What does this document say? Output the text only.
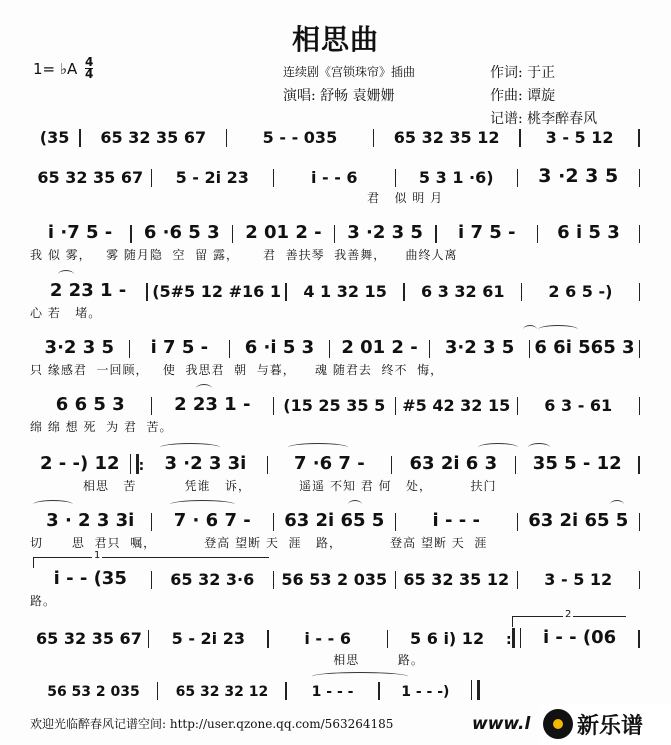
相思曲
1= ♭A 4
4	连续剧《宫锁珠帘》插曲
演唱: 舒畅 袁姗姗
作词: 于正
作曲: 谭旋
记谱: 桃李醉春风
(35	65 32 35 67	5 - - 035	65 32 35 12	3 - 5 12
65 32 35 67	5 - 2i 23	i - - 6	5 3 1 ·6)	3 ·2 3 5
君   似 明 月
i ·7 5 -	6 ·6 5 3	2 01 2 -	3 ·2 3 5	i 7 5 -	6 i 5 3
我 似 雾，   雾 随月隐  空  留 露，     君  善扶琴  我善舞，    曲终人离
2 23 1 -	(5#5 12 #16 1	4 1 32 15	6 3 32 61	2 6 5 -)
心 若   堵。
3·2 3 5	i 7 5 -	6 ·i 5 3	2 01 2 -	3·2 3 5	6 6i 565 3
只 缘感君  一回顾，   使  我思君  朝  与暮，    魂 随君去  终不  悔，
6 6 5 3	2 23 1 -	(15 25 35 5	#5 42 32 15	6 3 - 61
绵 绵 想 死  为 君  苦。
2 - -) 12	:	3 ·2 3 3i	7 ·6 7 -	63 2i 6 3	35 5 - 12
相思   苦          凭谁   诉，          遥遥 不知 君 何   处，        扶门
3 · 2 3 3i	7 · 6 7 -	63 2i 65 5	i - - -	63 2i 65 5
切      思  君只  嘱，          登高 望断 天  涯   路，          登高 望断 天  涯
1
i - - (35	65 32 3·6	56 53 2 035	65 32 35 12	3 - 5 12
路。
2
65 32 35 67	5 - 2i 23	i - - 6	5 6 i) 12	:	i - - (06
相思        路。
56 53 2 035	65 32 32 12	1 - - -	1 - - -)
欢迎光临醉春风记谱空间: http://user.qzone.qq.com/563264185	www.l 新乐谱
